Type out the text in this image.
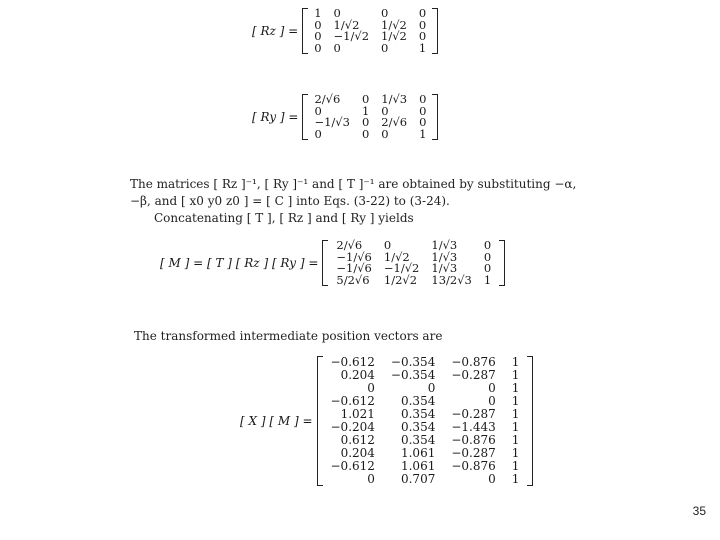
[ Rz ] =
1	0	0	0
0	1/√2	1/√2	0
0	−1/√2	1/√2	0
0	0	0	1
[ Ry ] =
2/√6	0	1/√3	0
0	1	0	0
−1/√3	0	2/√6	0
0	0	0	1
The matrices [ Rz ]⁻¹, [ Ry ]⁻¹ and [ T ]⁻¹ are obtained by substituting −α,
−β, and [ x0 y0 z0 ] = [ C ] into Eqs. (3-22) to (3-24).
Concatenating [ T ], [ Rz ] and [ Ry ] yields
[ M ] = [ T ] [ Rz ] [ Ry ] =
2/√6	0	1/√3	0
−1/√6	1/√2	1/√3	0
−1/√6	−1/√2	1/√3	0
5/2√6	1/2√2	13/2√3	1
The transformed intermediate position vectors are
[ X ] [ M ] =
−0.612	−0.354	−0.876	1
0.204	−0.354	−0.287	1
0	0	0	1
−0.612	0.354	0	1
1.021	0.354	−0.287	1
−0.204	0.354	−1.443	1
0.612	0.354	−0.876	1
0.204	1.061	−0.287	1
−0.612	1.061	−0.876	1
0	0.707	0	1
35
